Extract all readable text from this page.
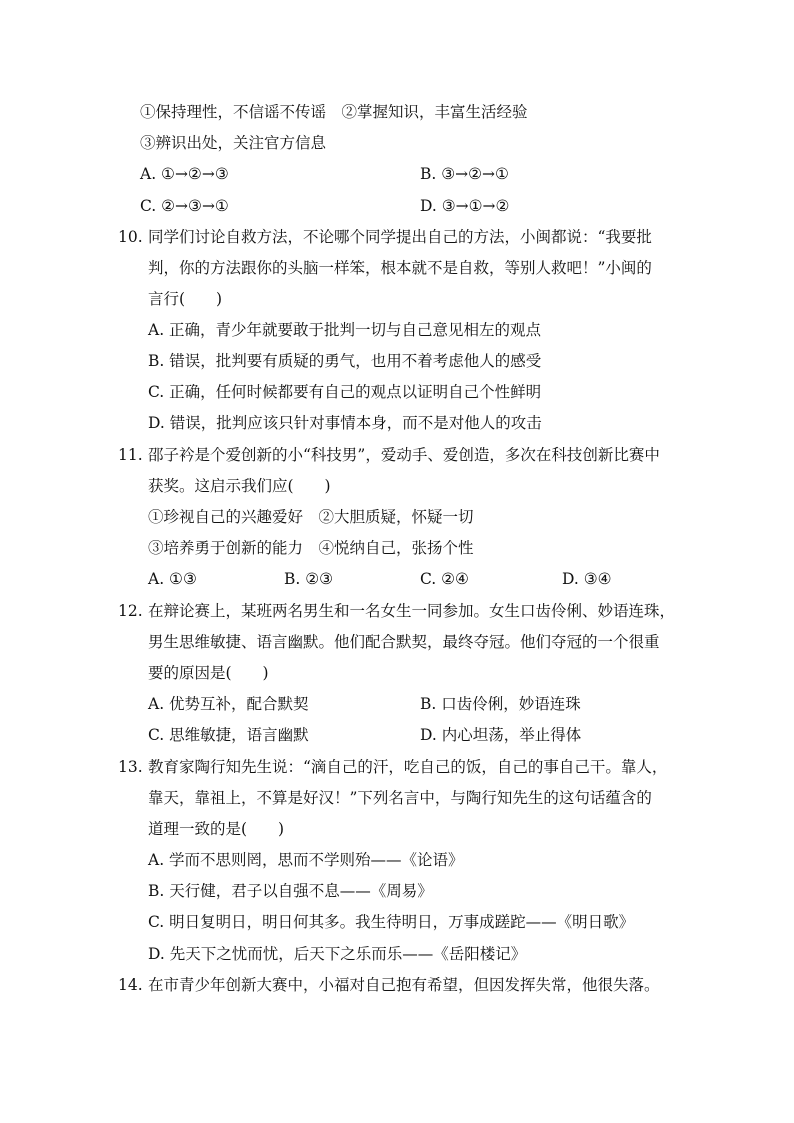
①保持理性，不信谣不传谣　②掌握知识，丰富生活经验
③辨识出处，关注官方信息
A. ①→②→③	B. ③→②→①
C. ②→③→①	D. ③→①→②
10. 同学们讨论自救方法，不论哪个同学提出自己的方法，小闽都说：“我要批
判，你的方法跟你的头脑一样笨，根本就不是自救，等别人救吧！”小闽的
言行(　　)
A. 正确，青少年就要敢于批判一切与自己意见相左的观点
B. 错误，批判要有质疑的勇气，也用不着考虑他人的感受
C. 正确，任何时候都要有自己的观点以证明自己个性鲜明
D. 错误，批判应该只针对事情本身，而不是对他人的攻击
11. 邵子衿是个爱创新的小“科技男”，爱动手、爱创造，多次在科技创新比赛中
获奖。这启示我们应(　　)
①珍视自己的兴趣爱好　②大胆质疑，怀疑一切
③培养勇于创新的能力　④悦纳自己，张扬个性
A. ①③	B. ②③	C. ②④	D. ③④
12. 在辩论赛上，某班两名男生和一名女生一同参加。女生口齿伶俐、妙语连珠，
男生思维敏捷、语言幽默。他们配合默契，最终夺冠。他们夺冠的一个很重
要的原因是(　　)
A. 优势互补，配合默契	B. 口齿伶俐，妙语连珠
C. 思维敏捷，语言幽默	D. 内心坦荡，举止得体
13. 教育家陶行知先生说：“滴自己的汗，吃自己的饭，自己的事自己干。靠人，
靠天，靠祖上，不算是好汉！”下列名言中，与陶行知先生的这句话蕴含的
道理一致的是(　　)
A. 学而不思则罔，思而不学则殆——《论语》
B. 天行健，君子以自强不息——《周易》
C. 明日复明日，明日何其多。我生待明日，万事成蹉跎——《明日歌》
D. 先天下之忧而忧，后天下之乐而乐——《岳阳楼记》
14. 在市青少年创新大赛中，小福对自己抱有希望，但因发挥失常，他很失落。
